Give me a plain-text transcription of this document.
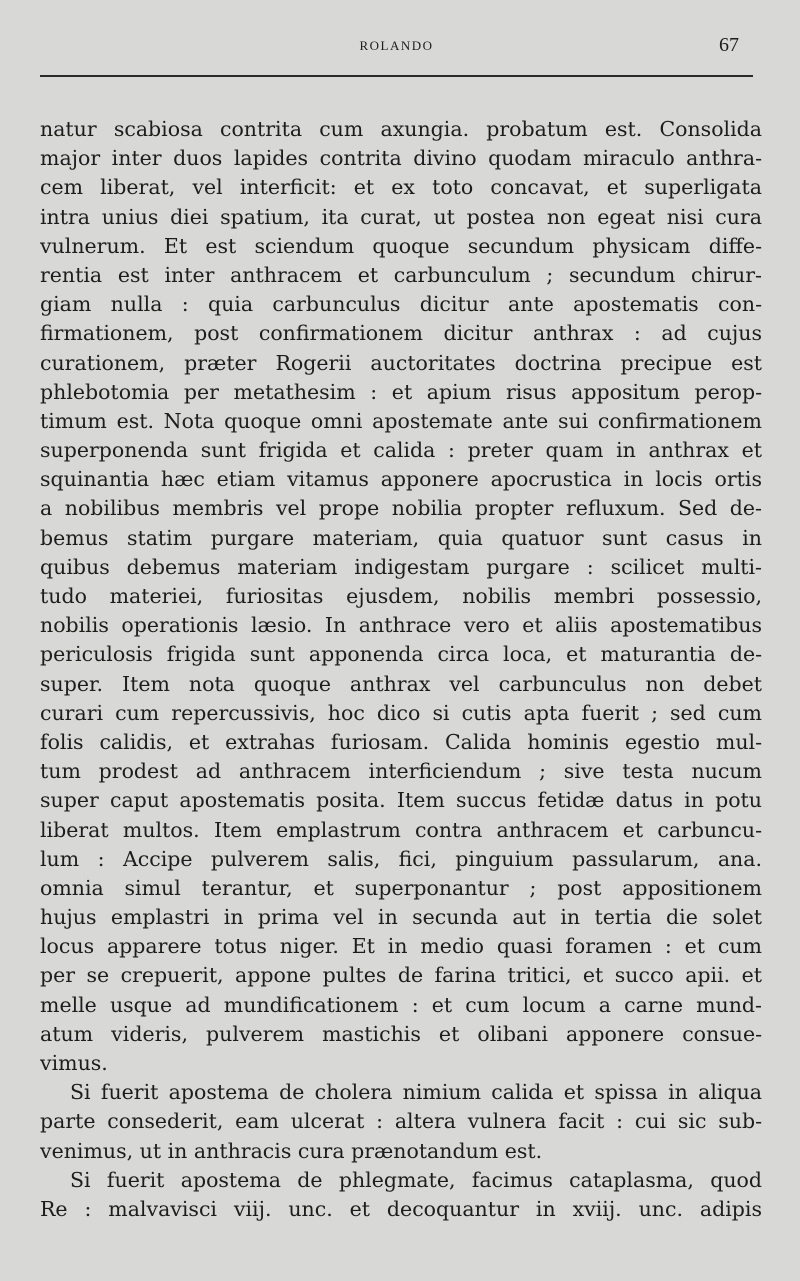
ROLANDO	67
natur scabiosa contrita cum axungia. probatum est. Consolida
major inter duos lapides contrita divino quodam miraculo anthra-
cem liberat, vel interficit: et ex toto concavat, et superligata
intra unius diei spatium, ita curat, ut postea non egeat nisi cura
vulnerum. Et est sciendum quoque secundum physicam diffe-
rentia est inter anthracem et carbunculum ; secundum chirur-
giam nulla : quia carbunculus dicitur ante apostematis con-
firmationem, post confirmationem dicitur anthrax : ad cujus
curationem, præter Rogerii auctoritates doctrina precipue est
phlebotomia per metathesim : et apium risus appositum perop-
timum est. Nota quoque omni apostemate ante sui confirmationem
superponenda sunt frigida et calida : preter quam in anthrax et
squinantia hæc etiam vitamus apponere apocrustica in locis ortis
a nobilibus membris vel prope nobilia propter refluxum. Sed de-
bemus statim purgare materiam, quia quatuor sunt casus in
quibus debemus materiam indigestam purgare : scilicet multi-
tudo materiei, furiositas ejusdem, nobilis membri possessio,
nobilis operationis læsio. In anthrace vero et aliis apostematibus
periculosis frigida sunt apponenda circa loca, et maturantia de-
super. Item nota quoque anthrax vel carbunculus non debet
curari cum repercussivis, hoc dico si cutis apta fuerit ; sed cum
folis calidis, et extrahas furiosam. Calida hominis egestio mul-
tum prodest ad anthracem interficiendum ; sive testa nucum
super caput apostematis posita. Item succus fetidæ datus in potu
liberat multos. Item emplastrum contra anthracem et carbuncu-
lum : Accipe pulverem salis, fici, pinguium passularum, ana.
omnia simul terantur, et superponantur ; post appositionem
hujus emplastri in prima vel in secunda aut in tertia die solet
locus apparere totus niger. Et in medio quasi foramen : et cum
per se crepuerit, appone pultes de farina tritici, et succo apii. et
melle usque ad mundificationem : et cum locum a carne mund-
atum videris, pulverem mastichis et olibani apponere consue-
vimus.
Si fuerit apostema de cholera nimium calida et spissa in aliqua
parte consederit, eam ulcerat : altera vulnera facit : cui sic sub-
venimus, ut in anthracis cura prænotandum est.
Si fuerit apostema de phlegmate, facimus cataplasma, quod
Re : malvavisci viij. unc. et decoquantur in xviij. unc. adipis
